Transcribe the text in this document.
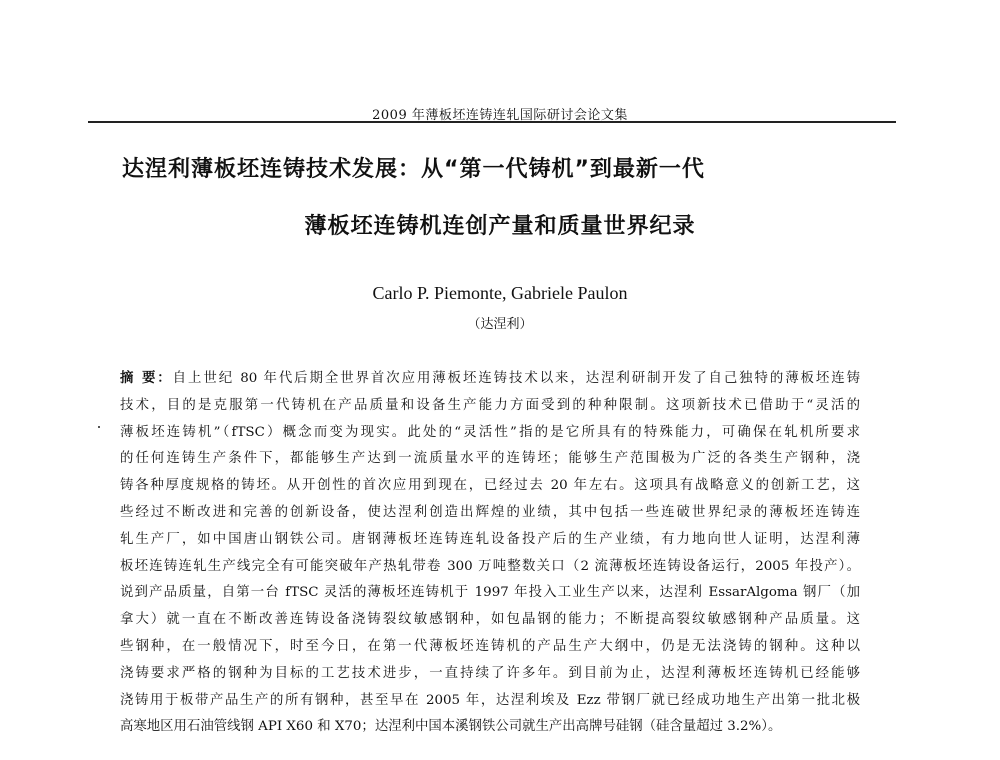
2009 年薄板坯连铸连轧国际研讨会论文集
达涅利薄板坯连铸技术发展：从“第一代铸机”到最新一代
薄板坯连铸机连创产量和质量世界纪录
Carlo P. Piemonte, Gabriele Paulon
（达涅利）

摘 要：自上世纪 80 年代后期全世界首次应用薄板坯连铸技术以来，达涅利研制开发了自己独特的薄板坯连铸
技术，目的是克服第一代铸机在产品质量和设备生产能力方面受到的种种限制。这项新技术已借助于“灵活的
薄板坯连铸机”（fTSC）概念而变为现实。此处的“灵活性”指的是它所具有的特殊能力，可确保在轧机所要求
的任何连铸生产条件下，都能够生产达到一流质量水平的连铸坯；能够生产范围极为广泛的各类生产钢种，浇
铸各种厚度规格的铸坯。从开创性的首次应用到现在，已经过去 20 年左右。这项具有战略意义的创新工艺，这
些经过不断改进和完善的创新设备，使达涅利创造出辉煌的业绩，其中包括一些连破世界纪录的薄板坯连铸连
轧生产厂，如中国唐山钢铁公司。唐钢薄板坯连铸连轧设备投产后的生产业绩，有力地向世人证明，达涅利薄
板坯连铸连轧生产线完全有可能突破年产热轧带卷 300 万吨整数关口（2 流薄板坯连铸设备运行，2005 年投产）。
说到产品质量，自第一台 fTSC 灵活的薄板坯连铸机于 1997 年投入工业生产以来，达涅利 EssarAlgoma 钢厂（加
拿大）就一直在不断改善连铸设备浇铸裂纹敏感钢种，如包晶钢的能力；不断提高裂纹敏感钢种产品质量。这
些钢种，在一般情况下，时至今日，在第一代薄板坯连铸机的产品生产大纲中，仍是无法浇铸的钢种。这种以
浇铸要求严格的钢种为目标的工艺技术进步，一直持续了许多年。到目前为止，达涅利薄板坯连铸机已经能够
浇铸用于板带产品生产的所有钢种，甚至早在 2005 年，达涅利埃及 Ezz 带钢厂就已经成功地生产出第一批北极
高寒地区用石油管线钢 API X60 和 X70；达涅利中国本溪钢铁公司就生产出高牌号硅钢（硅含量超过 3.2%）。
